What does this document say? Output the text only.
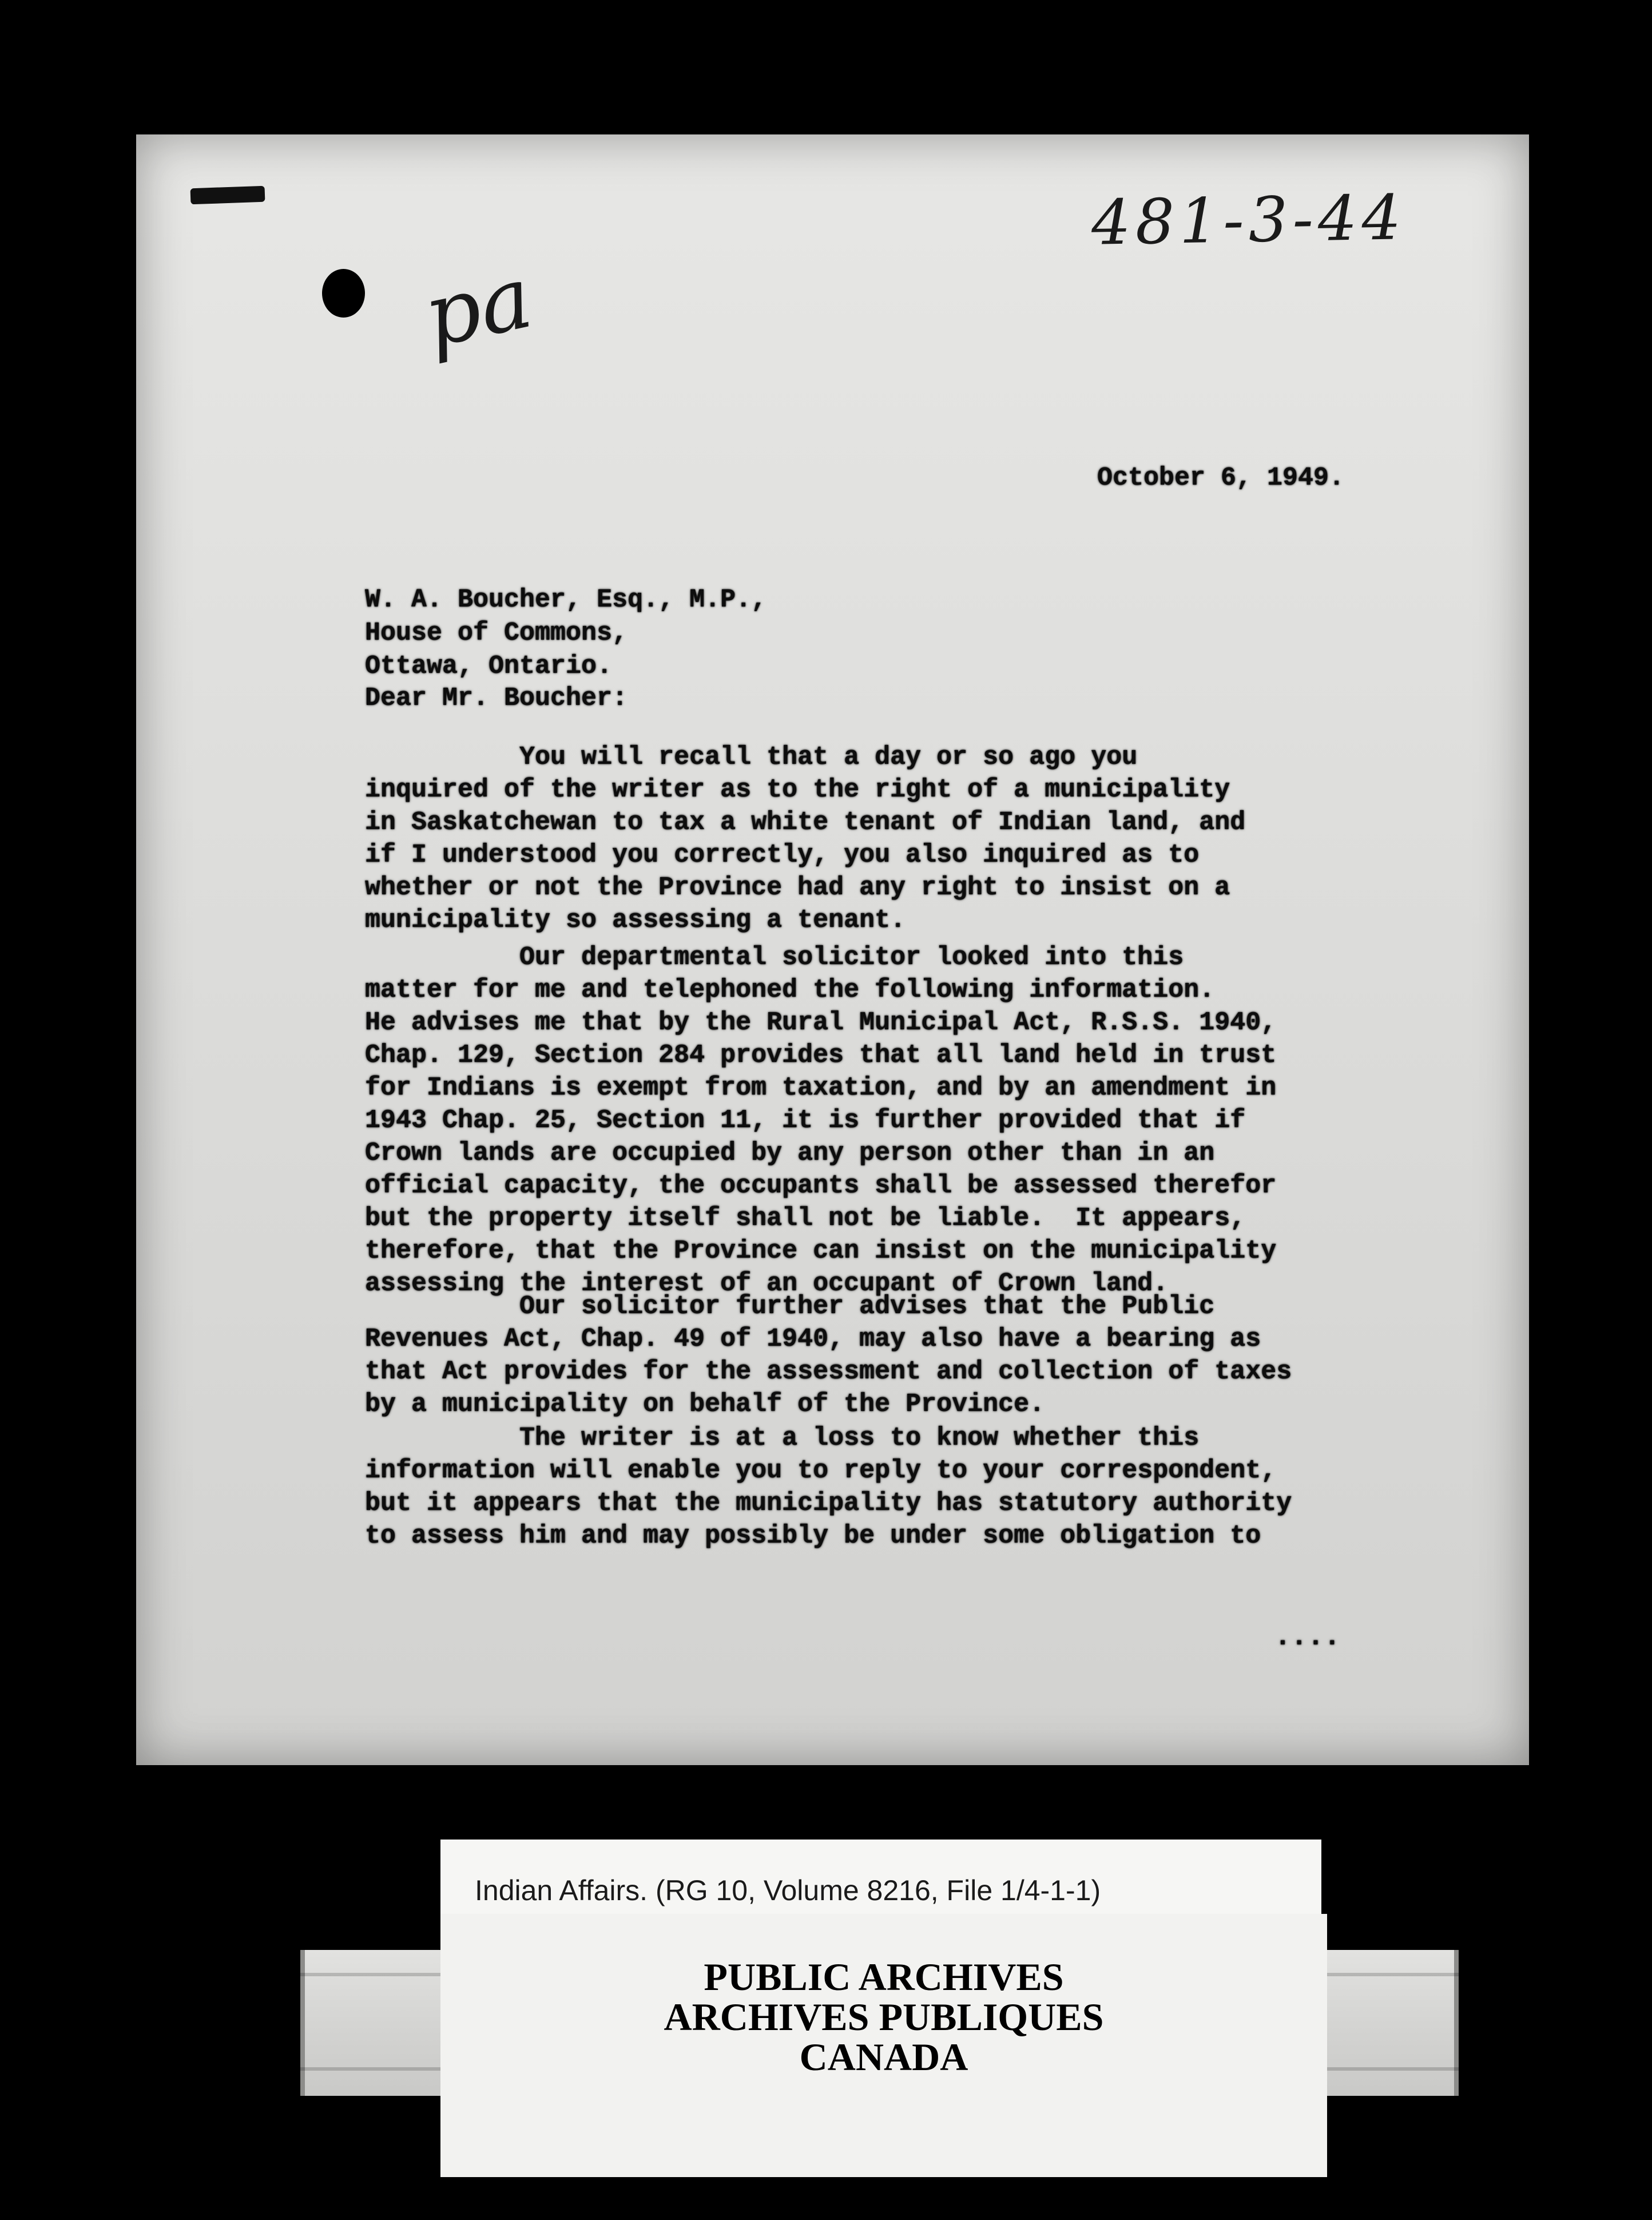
481-3-44
pa
October 6, 1949.
W. A. Boucher, Esq., M.P.,
House of Commons,
Ottawa, Ontario.
Dear Mr. Boucher:
You will recall that a day or so ago you
inquired of the writer as to the right of a municipality
in Saskatchewan to tax a white tenant of Indian land, and
if I understood you correctly, you also inquired as to
whether or not the Province had any right to insist on a
municipality so assessing a tenant.
Our departmental solicitor looked into this
matter for me and telephoned the following information.
He advises me that by the Rural Municipal Act, R.S.S. 1940,
Chap. 129, Section 284 provides that all land held in trust
for Indians is exempt from taxation, and by an amendment in
1943 Chap. 25, Section 11, it is further provided that if
Crown lands are occupied by any person other than in an
official capacity, the occupants shall be assessed therefor
but the property itself shall not be liable.  It appears,
therefore, that the Province can insist on the municipality
assessing the interest of an occupant of Crown land.
Our solicitor further advises that the Public
Revenues Act, Chap. 49 of 1940, may also have a bearing as
that Act provides for the assessment and collection of taxes
by a municipality on behalf of the Province.
The writer is at a loss to know whether this
information will enable you to reply to your correspondent,
but it appears that the municipality has statutory authority
to assess him and may possibly be under some obligation to
....
Indian Affairs. (RG 10, Volume 8216, File 1/4-1-1)
PUBLIC ARCHIVES
ARCHIVES PUBLIQUES
CANADA
